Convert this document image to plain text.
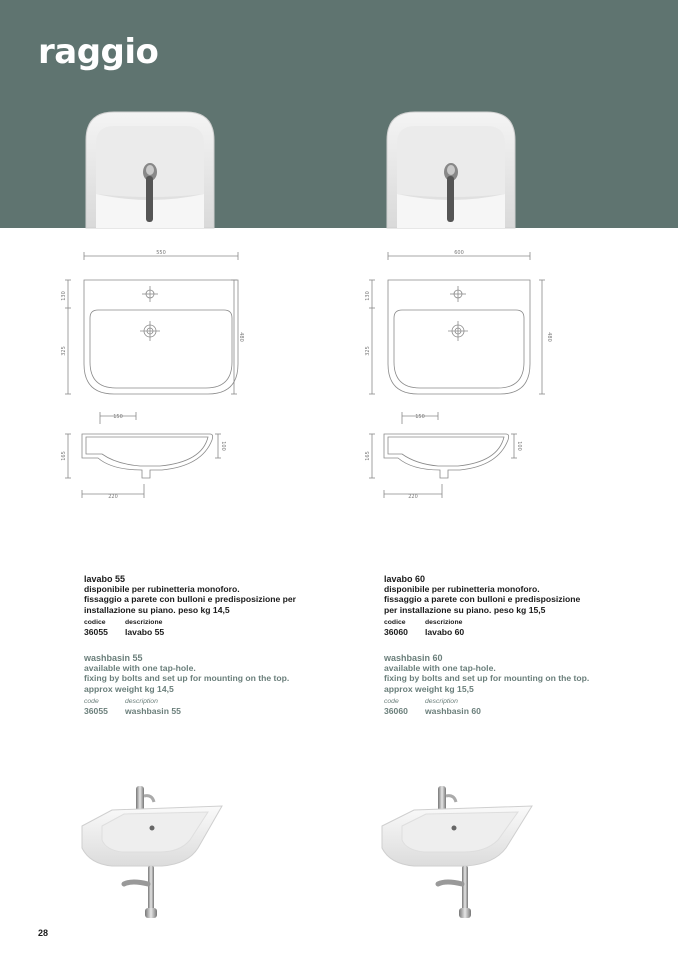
raggio
550
130
325
480
150
165
100
220
600
130
325
480
150
165
100
220
lavabo 55
disponibile per rubinetteria monoforo.
fissaggio a parete con bulloni e predisposizione per
installazione su piano. peso kg 14,5
codice	descrizione
36055	lavabo 55
washbasin 55
available with one tap-hole.
fixing by bolts and set up for mounting on the top.
approx weight kg 14,5
code	description
36055	washbasin 55
lavabo 60
disponibile per rubinetteria monoforo.
fissaggio a parete con bulloni e predisposizione
per installazione su piano. peso kg 15,5
codice	descrizione
36060	lavabo 60
washbasin 60
available with one tap-hole.
fixing by bolts and set up for mounting on the top.
approx weight kg 15,5
code	description
36060	washbasin 60
28
